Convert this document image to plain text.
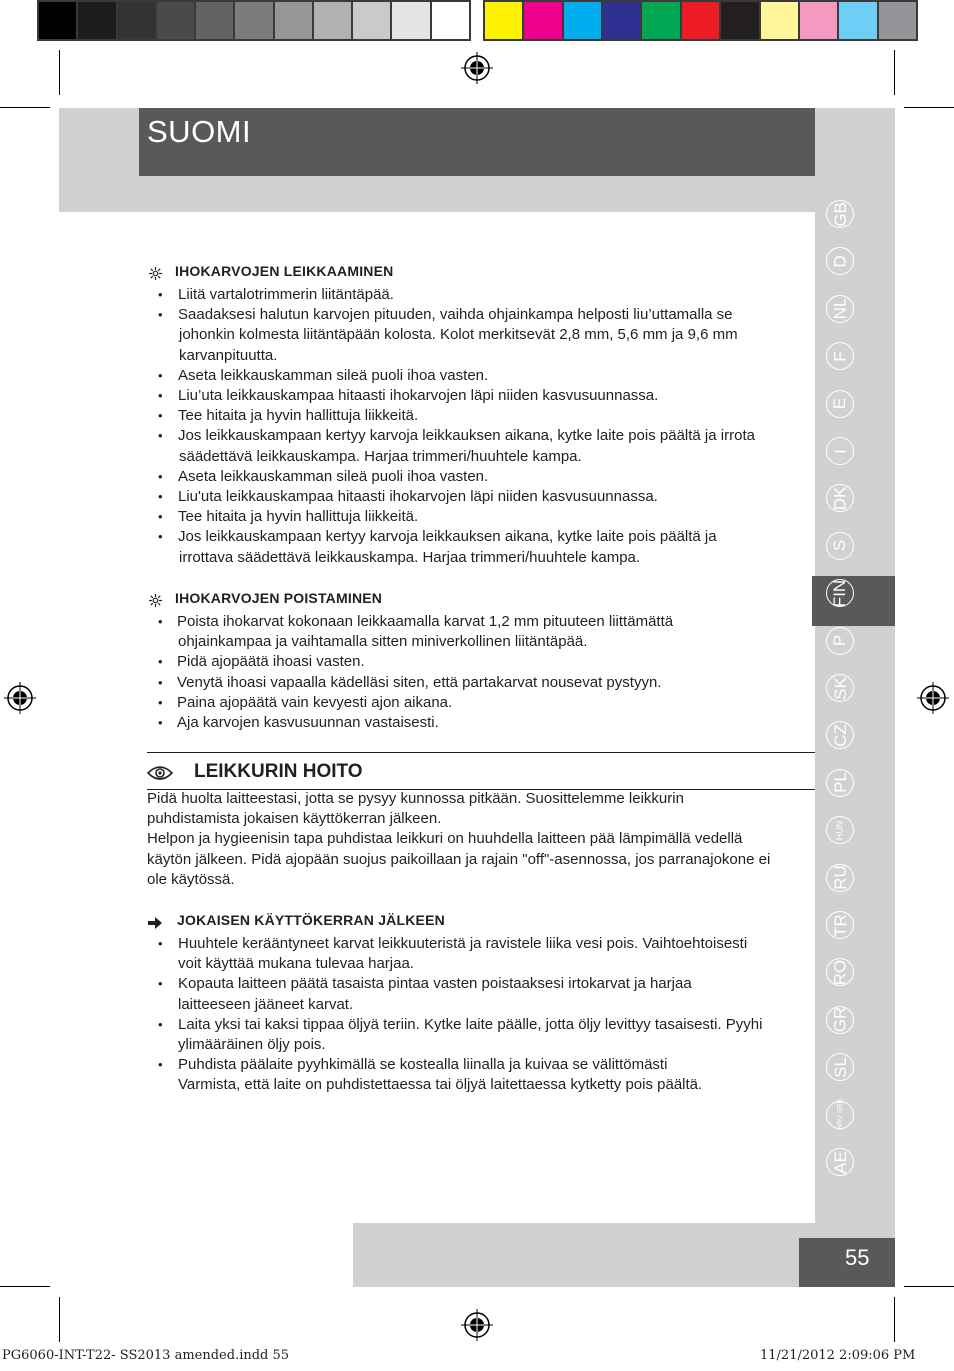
SUOMI
GB
D
NL
F
E
I
DK
S
FIN
P
SK
CZ
PL
HUN
RU
TR
RO
GR
SL
HRV SRB
AE
55
IHOKARVOJEN LEIKKAAMINEN
• Liitä vartalotrimmerin liitäntäpää.
• Saadaksesi halutun karvojen pituuden, vaihda ohjainkampa helposti liu’uttamalla se
johonkin kolmesta liitäntäpään kolosta. Kolot merkitsevät 2,8 mm, 5,6 mm ja 9,6 mm
karvanpituutta.
• Aseta leikkauskamman sileä puoli ihoa vasten.
• Liu’uta leikkauskampaa hitaasti ihokarvojen läpi niiden kasvusuunnassa.
• Tee hitaita ja hyvin hallittuja liikkeitä.
• Jos leikkauskampaan kertyy karvoja leikkauksen aikana, kytke laite pois päältä ja irrota
säädettävä leikkauskampa. Harjaa trimmeri/huuhtele kampa.
• Aseta leikkauskamman sileä puoli ihoa vasten.
• Liu'uta leikkauskampaa hitaasti ihokarvojen läpi niiden kasvusuunnassa.
• Tee hitaita ja hyvin hallittuja liikkeitä.
• Jos leikkauskampaan kertyy karvoja leikkauksen aikana, kytke laite pois päältä ja
irrottava säädettävä leikkauskampa. Harjaa trimmeri/huuhtele kampa.
IHOKARVOJEN POISTAMINEN
• Poista ihokarvat kokonaan leikkaamalla karvat 1,2 mm pituuteen liittämättä
ohjainkampaa ja vaihtamalla sitten miniverkollinen liitäntäpää.
• Pidä ajopäätä ihoasi vasten.
• Venytä ihoasi vapaalla kädelläsi siten, että partakarvat nousevat pystyyn.
• Paina ajopäätä vain kevyesti ajon aikana.
• Aja karvojen kasvusuunnan vastaisesti.
LEIKKURIN HOITO
Pidä huolta laitteestasi, jotta se pysyy kunnossa pitkään. Suosittelemme leikkurin
puhdistamista jokaisen käyttökerran jälkeen.
Helpon ja hygieenisin tapa puhdistaa leikkuri on huuhdella laitteen pää lämpimällä vedellä
käytön jälkeen. Pidä ajopään suojus paikoillaan ja rajain "off"-asennossa, jos parranajokone ei
ole käytössä.
JOKAISEN KÄYTTÖKERRAN JÄLKEEN
• Huuhtele kerääntyneet karvat leikkuuteristä ja ravistele liika vesi pois. Vaihtoehtoisesti
voit käyttää mukana tulevaa harjaa.
• Kopauta laitteen päätä tasaista pintaa vasten poistaaksesi irtokarvat ja harjaa
laitteeseen jääneet karvat.
• Laita yksi tai kaksi tippaa öljyä teriin. Kytke laite päälle, jotta öljy levittyy tasaisesti. Pyyhi
ylimääräinen öljy pois.
• Puhdista päälaite pyyhkimällä se kostealla liinalla ja kuivaa se välittömästi
Varmista, että laite on puhdistettaessa tai öljyä laitettaessa kytketty pois päältä.
PG6060-INT-T22- SS2013 amended.indd 55	11/21/2012 2:09:06 PM
